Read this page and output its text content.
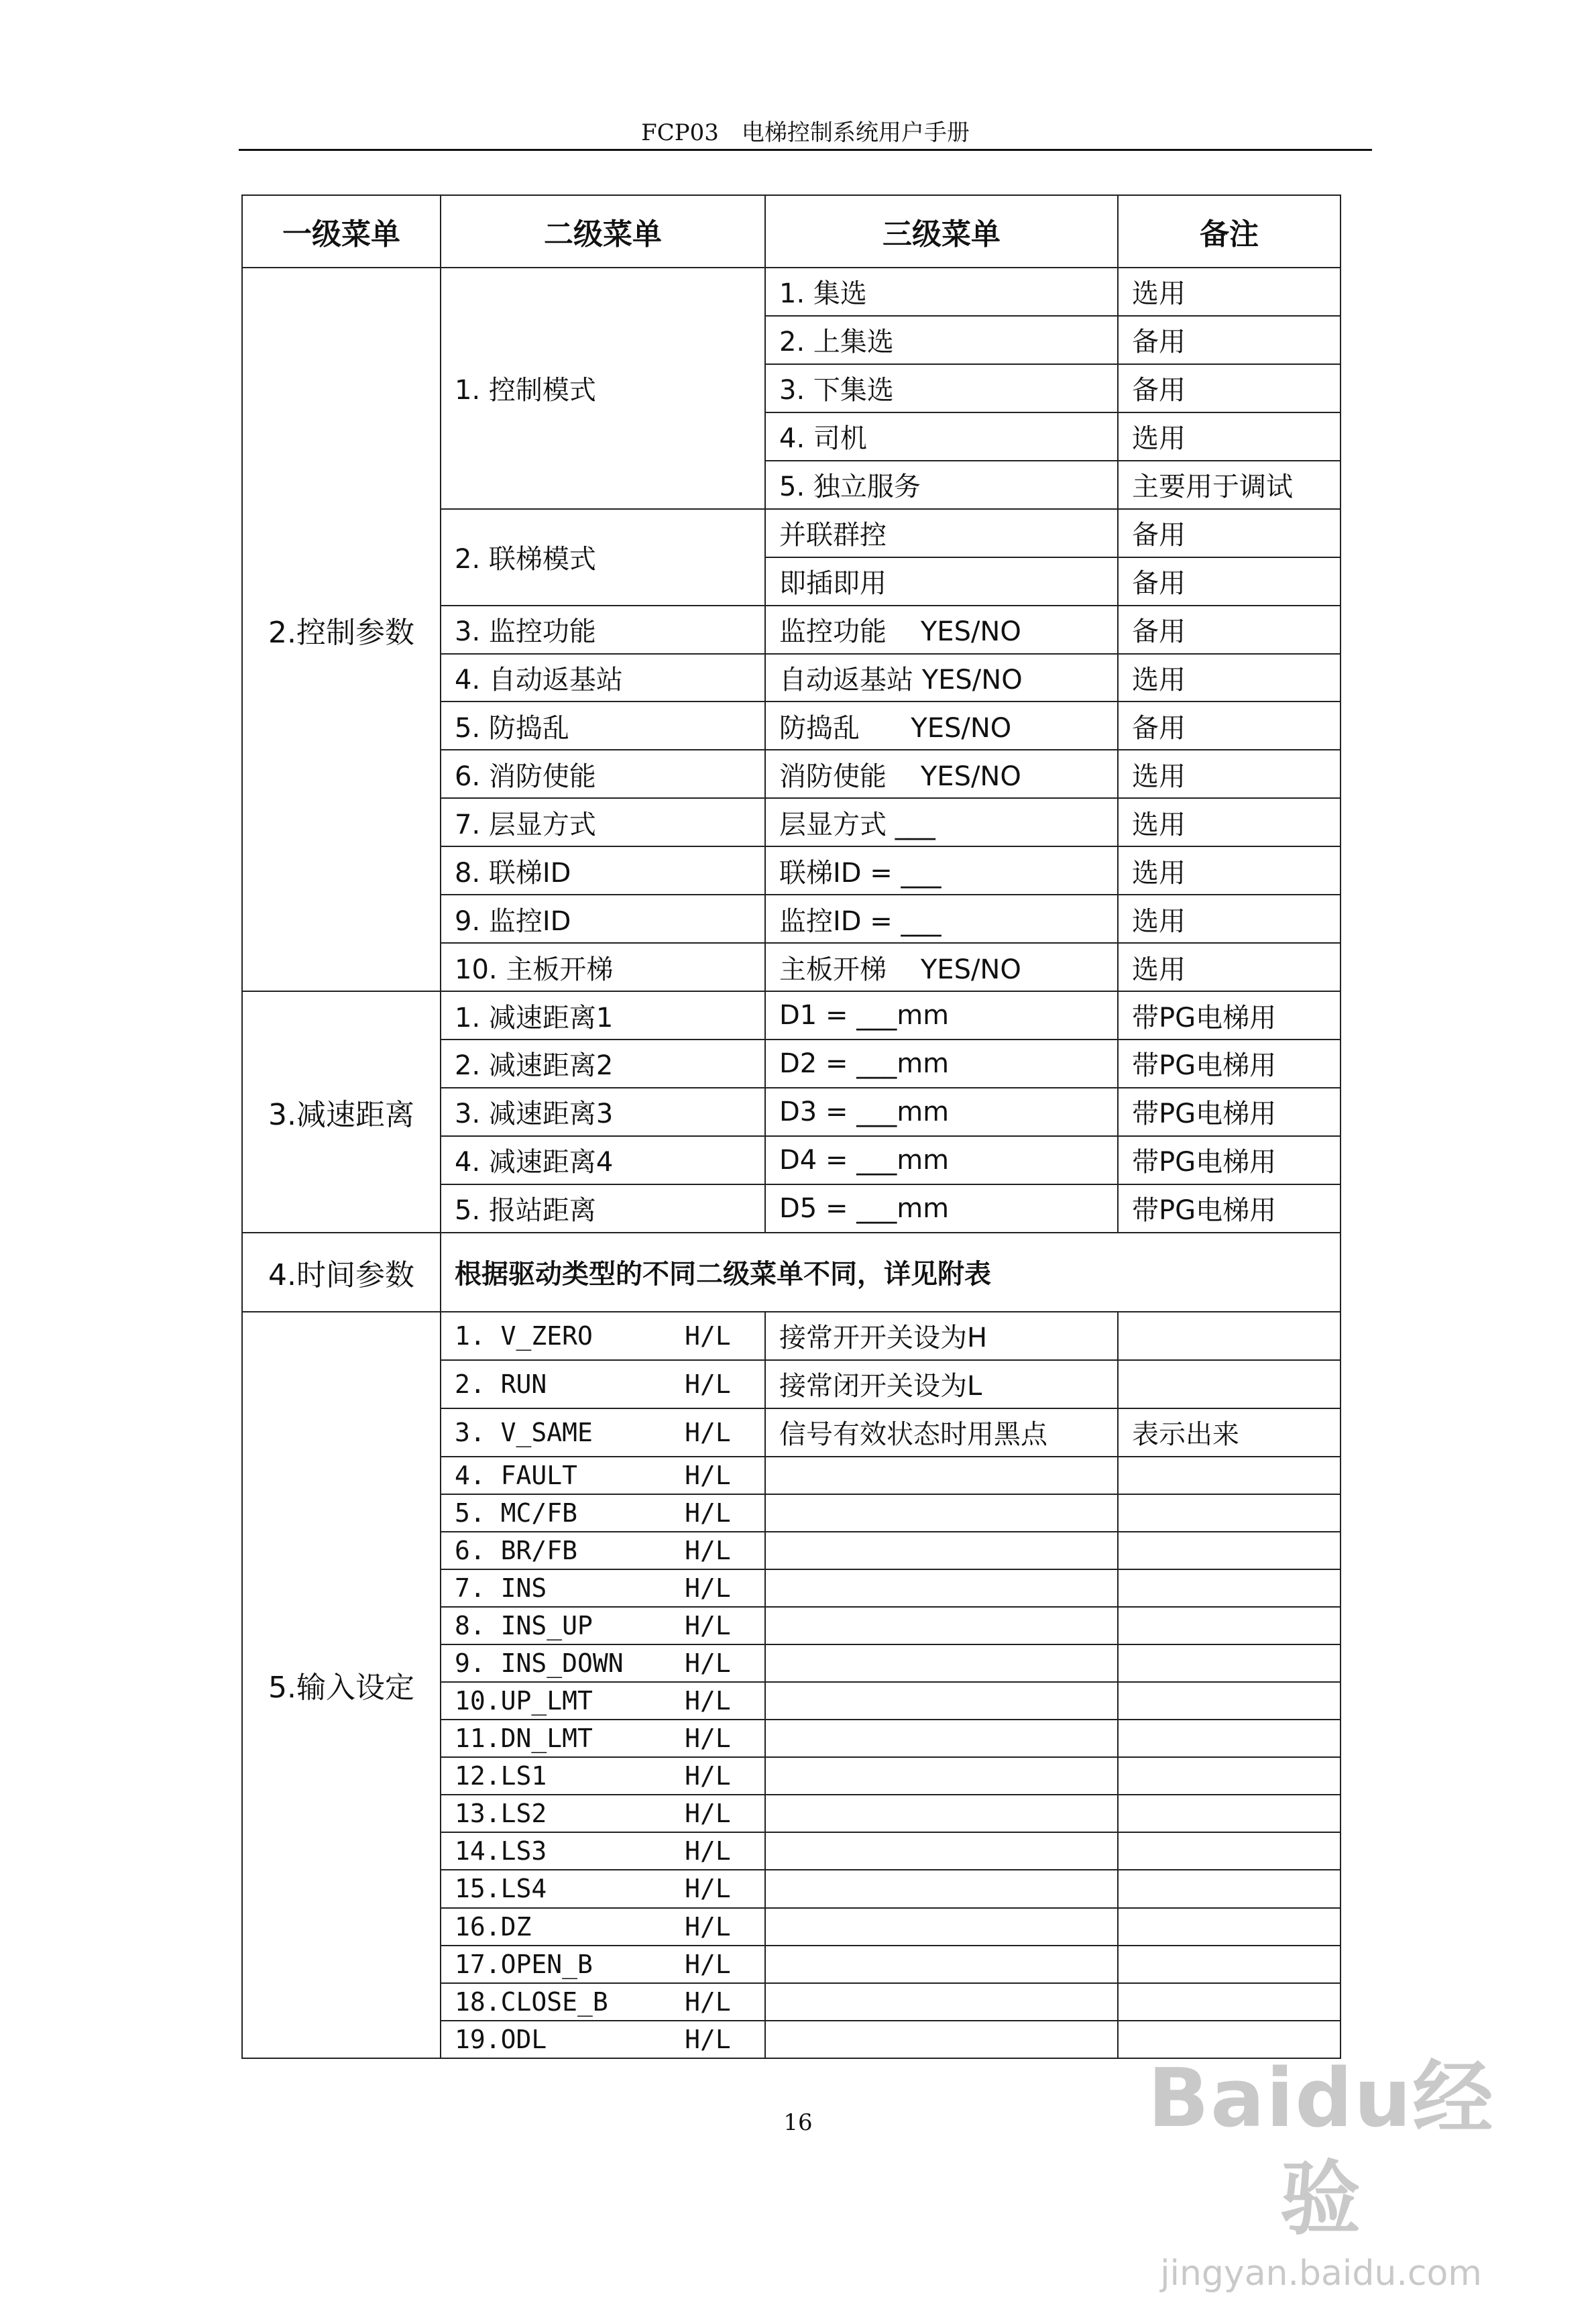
FCP03　电梯控制系统用户手册
一级菜单	二级菜单	三级菜单	备注
2.控制参数	1. 控制模式	1. 集选	选用
		2. 上集选	备用
		3. 下集选	备用
		4. 司机	选用
		5. 独立服务	主要用于调试
	2. 联梯模式	并联群控	备用
		即插即用	备用
	3. 监控功能	监控功能    YES/NO	备用
	4. 自动返基站	自动返基站 YES/NO	选用
	5. 防捣乱	防捣乱      YES/NO	备用
	6. 消防使能	消防使能    YES/NO	选用
	7. 层显方式	层显方式 ___	选用
	8. 联梯ID	联梯ID = ___	选用
	9. 监控ID	监控ID = ___	选用
	10. 主板开梯	主板开梯    YES/NO	选用
3.减速距离	1. 减速距离1	D1 = ___mm	带PG电梯用
	2. 减速距离2	D2 = ___mm	带PG电梯用
	3. 减速距离3	D3 = ___mm	带PG电梯用
	4. 减速距离4	D4 = ___mm	带PG电梯用
	5. 报站距离	D5 = ___mm	带PG电梯用
4.时间参数	根据驱动类型的不同二级菜单不同，详见附表		
5.输入设定	1. V_ZERO      H/L	接常开开关设为H	
	2. RUN         H/L	接常闭开关设为L	
	3. V_SAME      H/L	信号有效状态时用黑点	表示出来
	4. FAULT       H/L		
	5. MC/FB       H/L		
	6. BR/FB       H/L		
	7. INS         H/L		
	8. INS_UP      H/L		
	9. INS_DOWN    H/L		
	10.UP_LMT      H/L		
	11.DN_LMT      H/L		
	12.LS1         H/L		
	13.LS2         H/L		
	14.LS3         H/L		
	15.LS4         H/L		
	16.DZ          H/L		
	17.OPEN_B      H/L		
	18.CLOSE_B     H/L		
	19.ODL         H/L		
16	Baidu经验
jingyan.baidu.com
